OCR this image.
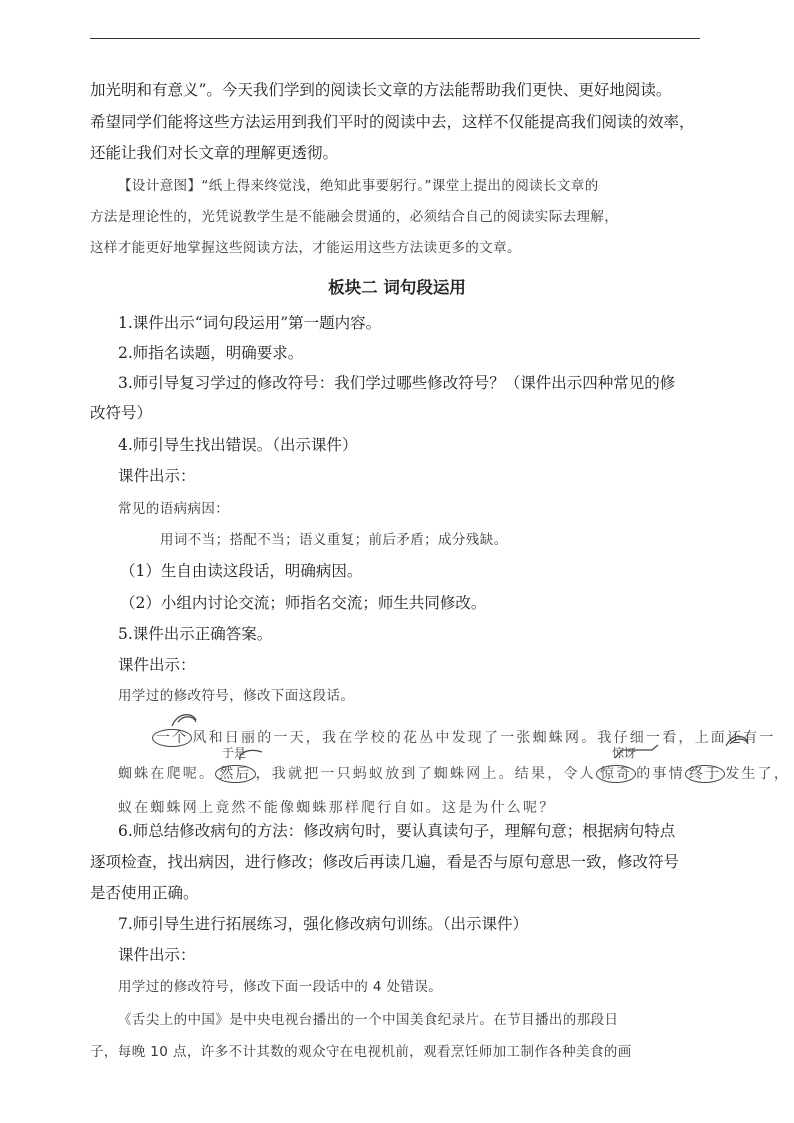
加光明和有意义”。今天我们学到的阅读长文章的方法能帮助我们更快、更好地阅读。
希望同学们能将这些方法运用到我们平时的阅读中去，这样不仅能提高我们阅读的效率，
还能让我们对长文章的理解更透彻。
【设计意图】“纸上得来终觉浅，绝知此事要躬行。”课堂上提出的阅读长文章的
方法是理论性的，光凭说教学生是不能融会贯通的，必须结合自己的阅读实际去理解，
这样才能更好地掌握这些阅读方法，才能运用这些方法读更多的文章。
板块二 词句段运用
1.课件出示“词句段运用”第一题内容。
2.师指名读题，明确要求。
3.师引导复习学过的修改符号：我们学过哪些修改符号？（课件出示四种常见的修
改符号）
4.师引导生找出错误。（出示课件）
课件出示：
常见的语病病因：
用词不当；搭配不当；语义重复；前后矛盾；成分残缺。
（1）生自由读这段话，明确病因。
（2）小组内讨论交流；师指名交流；师生共同修改。
5.课件出示正确答案。
课件出示：
用学过的修改符号，修改下面这段话。
一个 风和日丽的一天，我在学校的花丛中发现了一张蜘蛛网。我仔细一看，上面还有一
于是	惊讶
蜘蛛在爬呢。 然后 ，我就把一只蚂蚁放到了蜘蛛网上。结果，令人 惊奇 的事情 终于 发生了，
蚁在蜘蛛网上竟然不能像蜘蛛那样爬行自如。这是为什么呢？
6.师总结修改病句的方法：修改病句时，要认真读句子，理解句意；根据病句特点
逐项检查，找出病因，进行修改；修改后再读几遍，看是否与原句意思一致，修改符号
是否使用正确。
7.师引导生进行拓展练习，强化修改病句训练。（出示课件）
课件出示：
用学过的修改符号，修改下面一段话中的 4 处错误。
《舌尖上的中国》是中央电视台播出的一个中国美食纪录片。在节目播出的那段日
子，每晚 10 点，许多不计其数的观众守在电视机前，观看烹饪师加工制作各种美食的画
